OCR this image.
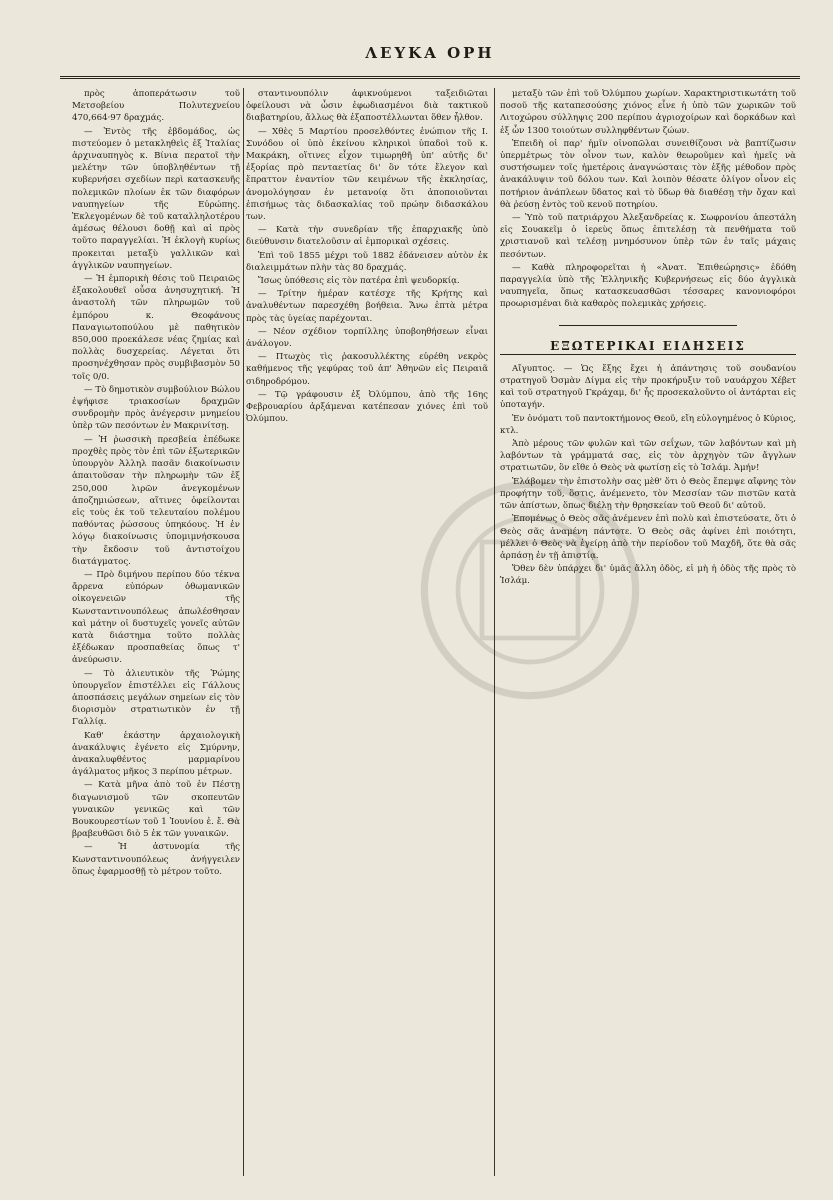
ΛΕΥΚΑ ΟΡΗ

πρὸς ἀποπεράτωσιν τοῦ Μετσοβείου Πολυτεχνείου 470,664·97 δραχμάς.

— Ἐντὸς τῆς ἑβδομάδος, ὡς πιστεύομεν ὁ μετακληθεὶς ἐξ Ἰταλίας ἀρχιναυπηγὸς κ. Βίνια περατοῖ τὴν μελέτην τῶν ὑποβληθέντων τῇ κυβερνήσει σχεδίων περὶ κατασκευῆς πολεμικῶν πλοίων ἐκ τῶν διαφόρων ναυπηγείων τῆς Εὐρώπης. Ἐκλεγομένων δὲ τοῦ καταλληλοτέρου ἀμέσως θέλουσι δοθῇ καὶ αἱ πρὸς τοῦτο παραγγελίαι. Ἡ ἐκλογὴ κυρίως προκειται μεταξὺ γαλλικῶν καὶ ἀγγλικῶν ναυπηγείων.

— Ἡ ἐμπορικὴ θέσις τοῦ Πειραιῶς ἐξακολουθεῖ οὖσα ἀνησυχητική. Ἡ ἀναστολὴ τῶν πληρωμῶν τοῦ ἐμπόρου κ. Θεοφάνους Παναγιωτοπούλου μὲ παθητικὸν 850,000 προεκάλεσε νέας ζημίας καὶ πολλὰς δυσχερείας. Λέγεται ὅτι προσηνέχθησαν πρὸς συμβιβασμὸν 50 τοῖς 0/0.

— Τὸ δημοτικὸν συμβούλιον Βώλου ἐψήφισε τριακοσίων δραχμῶν συνδρομὴν πρὸς ἀνέγερσιν μνημείου ὑπὲρ τῶν πεσόντων ἐν Μακρινίτσῃ.

— Ἡ ῥωσσικὴ πρεσβεία ἐπέδωκε προχθὲς πρὸς τὸν ἐπὶ τῶν ἐξωτερικῶν ὑπουργὸν Ἀλληλ πασᾶν διακοίνωσιν ἀπαιτοῦσαν τὴν πληρωμὴν τῶν ἐξ 250,000 λιρῶν ἀνεγκομένων ἀποζημιώσεων, αἵτινες ὀφείλονται εἰς τοὺς ἐκ τοῦ τελευταίου πολέμου παθόντας ῥώσσους ὑπηκόους. Ἡ ἐν λόγῳ διακοίνωσις ὑπομιμνήσκουσα τὴν ἔκδοσιν τοῦ ἀντιστοίχου διατάγματος.

— Πρὸ διμήνου περίπου δύο τέκνα ἄρρενα εὐπόρων ὀθωμανικῶν οἰκογενειῶν τῆς Κωνσταντινουπόλεως ἀπωλέσθησαν καὶ μάτην οἱ δυστυχεῖς γονεῖς αὐτῶν κατὰ διάστημα τοῦτο πολλὰς ἐξέδωκαν προσπαθείας ὅπως τ' ἀνεύρωσιν.

— Τὸ ἀλιευτικὸν τῆς Ῥώμης ὑπουργεῖον ἐπιστέλλει εἰς Γάλλους ἀποσπάσεις μεγάλων σημείων εἰς τὸν διορισμὸν στρατιωτικὸν ἐν τῇ Γαλλίᾳ.

Καθ' ἑκάστην ἀρχαιολογικὴ ἀνακάλυψις ἐγένετο εἰς Σμύρνην, ἀνακαλυφθέντος μαρμαρίνου ἀγάλματος μῆκος 3 περίπου μέτρων.

— Κατὰ μῆνα ἀπὸ τοῦ ἐν Πέστῃ διαγωνισμοῦ τῶν σκοπευτῶν γυναικῶν γενικῶς καὶ τῶν Βουκουρεστίων τοῦ 1 Ἰουνίου ἐ. ἔ. Θὰ βραβευθῶσι διὸ 5 ἐκ τῶν γυναικῶν.

— Ἡ ἀστυνομία τῆς Κωνσταντινουπόλεως ἀνήγγειλεν ὅπως ἐφαρμοσθῇ τὸ μέτρον τοῦτο.

σταντινουπόλιν ἀφικνούμενοι ταξειδιῶται ὀφείλουσι νὰ ὦσιν ἐφωδιασμένοι διὰ τακτικοῦ διαβατηρίου, ἄλλως θὰ ἐξαποστέλλωνται ὅθεν ἦλθον.

— Χθὲς 5 Μαρτίου προσελθόντες ἐνώπιον τῆς Ι. Συνόδου οἱ ὑπὸ ἐκείνου κληρικοὶ ὑπαδοὶ τοῦ κ. Μακράκη, οἵτινες εἶχον τιμωρηθῆ ὑπ' αὐτῆς δι' ἐξορίας πρὸ πενταετίας δι' ὃν τότε ἔλεγον καὶ ἔπραττον ἐναντίον τῶν κειμένων τῆς ἐκκλησίας, ἀνομολόγησαν ἐν μετανοίᾳ ὅτι ἀποποιοῦνται ἐπισήμως τὰς διδασκαλίας τοῦ πρώην διδασκάλου των.

— Κατὰ τὴν συνεδρίαν τῆς ἐπαρχιακῆς ὑπὸ διεύθυνσιν διατελοῦσιν αἱ ἐμπορικαὶ σχέσεις.

Ἐπὶ τοῦ 1855 μέχρι τοῦ 1882 ἐδάνεισεν αὐτὸν ἐκ διαλειμμάτων πλὴν τὰς 80 δραχμάς.

Ἴσως ὑπόθεσις εἰς τὸν πατέρα ἐπὶ ψευδορκίᾳ.

— Τρίτην ἡμέραν κατέσχε τῆς Κρήτης καὶ ἀναλυθέντων παρεσχέθη βοήθεια. Ἄνω ἑπτὰ μέτρα πρὸς τὰς ὑγείας παρέχονται.

— Νέον σχέδιον τορπίλλης ὑποβοηθήσεων εἶναι ἀνάλογον.

— Πτωχὸς τὶς ῥακοσυλλέκτης εὑρέθη νεκρὸς καθήμενος τῆς γεφύρας τοῦ ἀπ' Ἀθηνῶν εἰς Πειραιᾶ σιδηροδρόμου.

— Τῷ γράφουσιν ἐξ Ὀλύμπου, ἀπὸ τῆς 16ης Φεβρουαρίου ἀρξάμεναι κατέπεσαν χιόνες ἐπὶ τοῦ Ὀλύμπου.

μεταξὺ τῶν ἐπὶ τοῦ Ὀλύμπου χωρίων. Χαρακτηριστικωτάτη τοῦ ποσοῦ τῆς καταπεσούσης χιόνος εἶνε ἡ ὑπὸ τῶν χωρικῶν τοῦ Λιτοχώρου σύλληψις 200 περίπου ἀγριοχοίρων καὶ δορκάδων καὶ ἐξ ὧν 1300 τοιούτων συλληφθέντων ζώων.

Ἐπειδὴ οἱ παρ' ἡμῖν οἰνοπῶλαι συνειθίζουσι νὰ βαπτίζωσιν ὑπερμέτρως τὸν οἶνον των, καλὸν θεωροῦμεν καὶ ἡμεῖς νὰ συστήσωμεν τοῖς ἡμετέροις ἀναγνώσταις τὸν ἑξῆς μέθοδον πρὸς ἀνακάλυψιν τοῦ δόλου των. Καὶ λοιπὸν θέσατε ὀλίγον οἶνον εἰς ποτήριον ἀνάπλεων ὕδατος καὶ τὸ ὕδωρ θὰ διαθέσῃ τὴν ὄχαν καὶ θὰ ῥεύσῃ ἐντὸς τοῦ κενοῦ ποτηρίου.

— Ὑπὸ τοῦ πατριάρχου Ἀλεξανδρείας κ. Σωφρονίου ἀπεστάλη εἰς Σουακεῖμ ὁ ἱερεὺς ὅπως ἐπιτελέσῃ τὰ πενθήματα τοῦ χριστιανοῦ καὶ τελέσῃ μνημόσυνον ὑπὲρ τῶν ἐν ταῖς μάχαις πεσόντων.

— Καθὰ πληροφορεῖται ἡ «Ἀνατ. Ἐπιθεώρησις» ἐδόθη παραγγελία ὑπὸ τῆς Ἑλληνικῆς Κυβερνήσεως εἰς δύο ἀγγλικὰ ναυπηγεῖα, ὅπως κατασκευασθῶσι τέσσαρες κανονιοφόροι προωρισμέναι διὰ καθαρὸς πολεμικὰς χρήσεις.

ΕΞΩΤΕΡΙΚΑΙ ΕΙΔΗΣΕΙΣ

Αἴγυπτος. — Ὡς ἔξης ἔχει ἡ ἀπάντησις τοῦ σουδανίου στρατηγοῦ Ὀσμὰν Δίγμα εἰς τὴν προκήρυξιν τοῦ ναυάρχου Χέβετ καὶ τοῦ στρατηγοῦ Γκράχαμ, δι' ἧς προσεκαλοῦντο οἱ ἀντάρται εἰς ὑποταγήν.

Ἐν ὀνόματι τοῦ παντοκτήμονος Θεοῦ, εἴη εὐλογημένος ὁ Κύριος, κτλ.

Ἀπὸ μέρους τῶν φυλῶν καὶ τῶν σεΐχων, τῶν λαβόντων καὶ μὴ λαβόντων τὰ γράμματά σας, εἰς τὸν ἀρχηγὸν τῶν ἄγγλων στρατιωτῶν, ὃν εἴθε ὁ Θεὸς νὰ φωτίσῃ εἰς τὸ Ἰσλάμ. Ἀμήν!

Ἐλάβομεν τὴν ἐπιστολὴν σας μὲθ' ὅτι ὁ Θεὸς ἔπεμψε αἴφνης τὸν προφήτην τοῦ, ὅστις, ἀνέμενετο, τὸν Μεσσίαν τῶν πιστῶν κατὰ τῶν ἀπίστων, ὅπως διέλῃ τὴν θρησκείαν τοῦ Θεοῦ δι' αὐτοῦ.

Ἐπομένως ὁ Θεὸς σᾶς ἀνέμενεν ἐπὶ πολὺ καὶ ἐπιστεύσατε, ὅτι ὁ Θεὸς σᾶς ἀναμένη πάντοτε. Ὁ Θεὸς σᾶς ἀφίνει ἐπὶ ποιότητι, μέλλει ὁ Θεὸς νὰ ἐγείρῃ ἀπὸ τὴν περίοδον τοῦ Μαχδῆ, ὅτε θὰ σᾶς ἀρπάσῃ ἐν τῇ ἀπιστίᾳ.

Ὅθεν δὲν ὑπάρχει δι' ὑμᾶς ἄλλη ὁδὸς, εἰ μὴ ἡ ὁδὸς τῆς πρὸς τὸ Ἰσλάμ.
